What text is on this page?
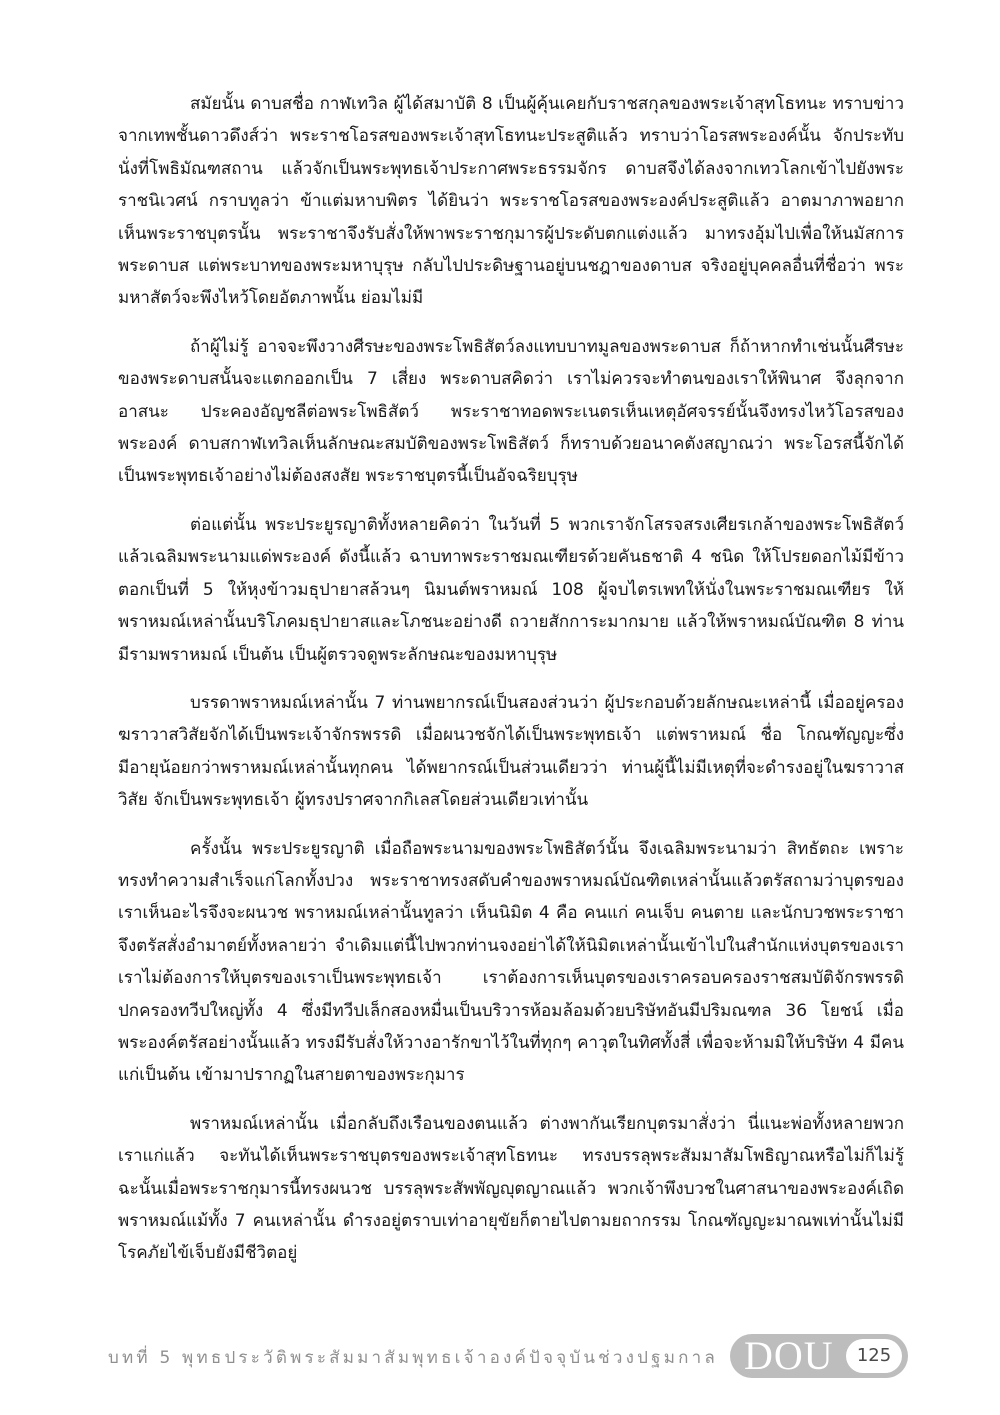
สมัยนั้น ดาบสชื่อ กาฬเทวิล ผู้ได้สมาบัติ 8 เป็นผู้คุ้นเคยกับราชสกุลของพระเจ้าสุทโธทนะ ทราบข่าวจากเทพชั้นดาวดึงส์ว่า พระราชโอรสของพระเจ้าสุทโธทนะประสูติแล้ว ทราบว่าโอรสพระองค์นั้น จักประทับนั่งที่โพธิมัณฑสถาน แล้วจักเป็นพระพุทธเจ้าประกาศพระธรรมจักร ดาบสจึงได้ลงจากเทวโลกเข้าไปยังพระราชนิเวศน์ กราบทูลว่า ข้าแต่มหาบพิตร ได้ยินว่า พระราชโอรสของพระองค์ประสูติแล้ว อาตมาภาพอยากเห็นพระราชบุตรนั้น พระราชาจึงรับสั่งให้พาพระราชกุมารผู้ประดับตกแต่งแล้ว มาทรงอุ้มไปเพื่อให้นมัสการพระดาบส แต่พระบาทของพระมหาบุรุษ กลับไปประดิษฐานอยู่บนชฎาของดาบส จริงอยู่บุคคลอื่นที่ชื่อว่า พระมหาสัตว์จะพึงไหว้โดยอัตภาพนั้น ย่อมไม่มี

ถ้าผู้ไม่รู้ อาจจะพึงวางศีรษะของพระโพธิสัตว์ลงแทบบาทมูลของพระดาบส ก็ถ้าหากทำเช่นนั้นศีรษะของพระดาบสนั้นจะแตกออกเป็น 7 เสี่ยง พระดาบสคิดว่า เราไม่ควรจะทำตนของเราให้พินาศ จึงลุกจากอาสนะ ประคองอัญชลีต่อพระโพธิสัตว์ พระราชาทอดพระเนตรเห็นเหตุอัศจรรย์นั้นจึงทรงไหว้โอรสของพระองค์ ดาบสกาฬเทวิลเห็นลักษณะสมบัติของพระโพธิสัตว์ ก็ทราบด้วยอนาคตังสญาณว่า พระโอรสนี้จักได้เป็นพระพุทธเจ้าอย่างไม่ต้องสงสัย พระราชบุตรนี้เป็นอัจฉริยบุรุษ

ต่อแต่นั้น พระประยูรญาติทั้งหลายคิดว่า ในวันที่ 5 พวกเราจักโสรจสรงเศียรเกล้าของพระโพธิสัตว์แล้วเฉลิมพระนามแด่พระองค์ ดังนี้แล้ว ฉาบทาพระราชมณเฑียรด้วยคันธชาติ 4 ชนิด ให้โปรยดอกไม้มีข้าวตอกเป็นที่ 5 ให้หุงข้าวมธุปายาสล้วนๆ นิมนต์พราหมณ์ 108 ผู้จบไตรเพทให้นั่งในพระราชมณเฑียร ให้พราหมณ์เหล่านั้นบริโภคมธุปายาสและโภชนะอย่างดี ถวายสักการะมากมาย แล้วให้พราหมณ์บัณฑิต 8 ท่านมีรามพราหมณ์ เป็นต้น เป็นผู้ตรวจดูพระลักษณะของมหาบุรุษ

บรรดาพราหมณ์เหล่านั้น 7 ท่านพยากรณ์เป็นสองส่วนว่า ผู้ประกอบด้วยลักษณะเหล่านี้ เมื่ออยู่ครองฆราวาสวิสัยจักได้เป็นพระเจ้าจักรพรรดิ เมื่อผนวชจักได้เป็นพระพุทธเจ้า แต่พราหมณ์ ชื่อ โกณฑัญญะซึ่งมีอายุน้อยกว่าพราหมณ์เหล่านั้นทุกคน ได้พยากรณ์เป็นส่วนเดียวว่า ท่านผู้นี้ไม่มีเหตุที่จะดำรงอยู่ในฆราวาสวิสัย จักเป็นพระพุทธเจ้า ผู้ทรงปราศจากกิเลสโดยส่วนเดียวเท่านั้น

ครั้งนั้น พระประยูรญาติ เมื่อถือพระนามของพระโพธิสัตว์นั้น จึงเฉลิมพระนามว่า สิทธัตถะ เพราะทรงทำความสำเร็จแก่โลกทั้งปวง พระราชาทรงสดับคำของพราหมณ์บัณฑิตเหล่านั้นแล้วตรัสถามว่าบุตรของเราเห็นอะไรจึงจะผนวช พราหมณ์เหล่านั้นทูลว่า เห็นนิมิต 4 คือ คนแก่ คนเจ็บ คนตาย และนักบวชพระราชาจึงตรัสสั่งอำมาตย์ทั้งหลายว่า จำเดิมแต่นี้ไปพวกท่านจงอย่าได้ให้นิมิตเหล่านั้นเข้าไปในสำนักแห่งบุตรของเรา เราไม่ต้องการให้บุตรของเราเป็นพระพุทธเจ้า เราต้องการเห็นบุตรของเราครอบครองราชสมบัติจักรพรรดิปกครองทวีปใหญ่ทั้ง 4 ซึ่งมีทวีปเล็กสองหมื่นเป็นบริวารห้อมล้อมด้วยบริษัทอันมีปริมณฑล 36 โยชน์ เมื่อพระองค์ตรัสอย่างนั้นแล้ว ทรงมีรับสั่งให้วางอารักขาไว้ในที่ทุกๆ คาวุตในทิศทั้งสี่ เพื่อจะห้ามมิให้บริษัท 4 มีคนแก่เป็นต้น เข้ามาปรากฏในสายตาของพระกุมาร

พราหมณ์เหล่านั้น เมื่อกลับถึงเรือนของตนแล้ว ต่างพากันเรียกบุตรมาสั่งว่า นี่แนะพ่อทั้งหลายพวกเราแก่แล้ว จะทันได้เห็นพระราชบุตรของพระเจ้าสุทโธทนะ ทรงบรรลุพระสัมมาสัมโพธิญาณหรือไม่ก็ไม่รู้ ฉะนั้นเมื่อพระราชกุมารนี้ทรงผนวช บรรลุพระสัพพัญญุตญาณแล้ว พวกเจ้าพึงบวชในศาสนาของพระองค์เถิด พราหมณ์แม้ทั้ง 7 คนเหล่านั้น ดำรงอยู่ตราบเท่าอายุขัยก็ตายไปตามยถากรรม โกณฑัญญะมาณพเท่านั้นไม่มีโรคภัยไข้เจ็บยังมีชีวิตอยู่

บทที่ 5 พุทธประวัติพระสัมมาสัมพุทธเจ้าองค์ปัจจุบันช่วงปฐมกาล DOU	125
